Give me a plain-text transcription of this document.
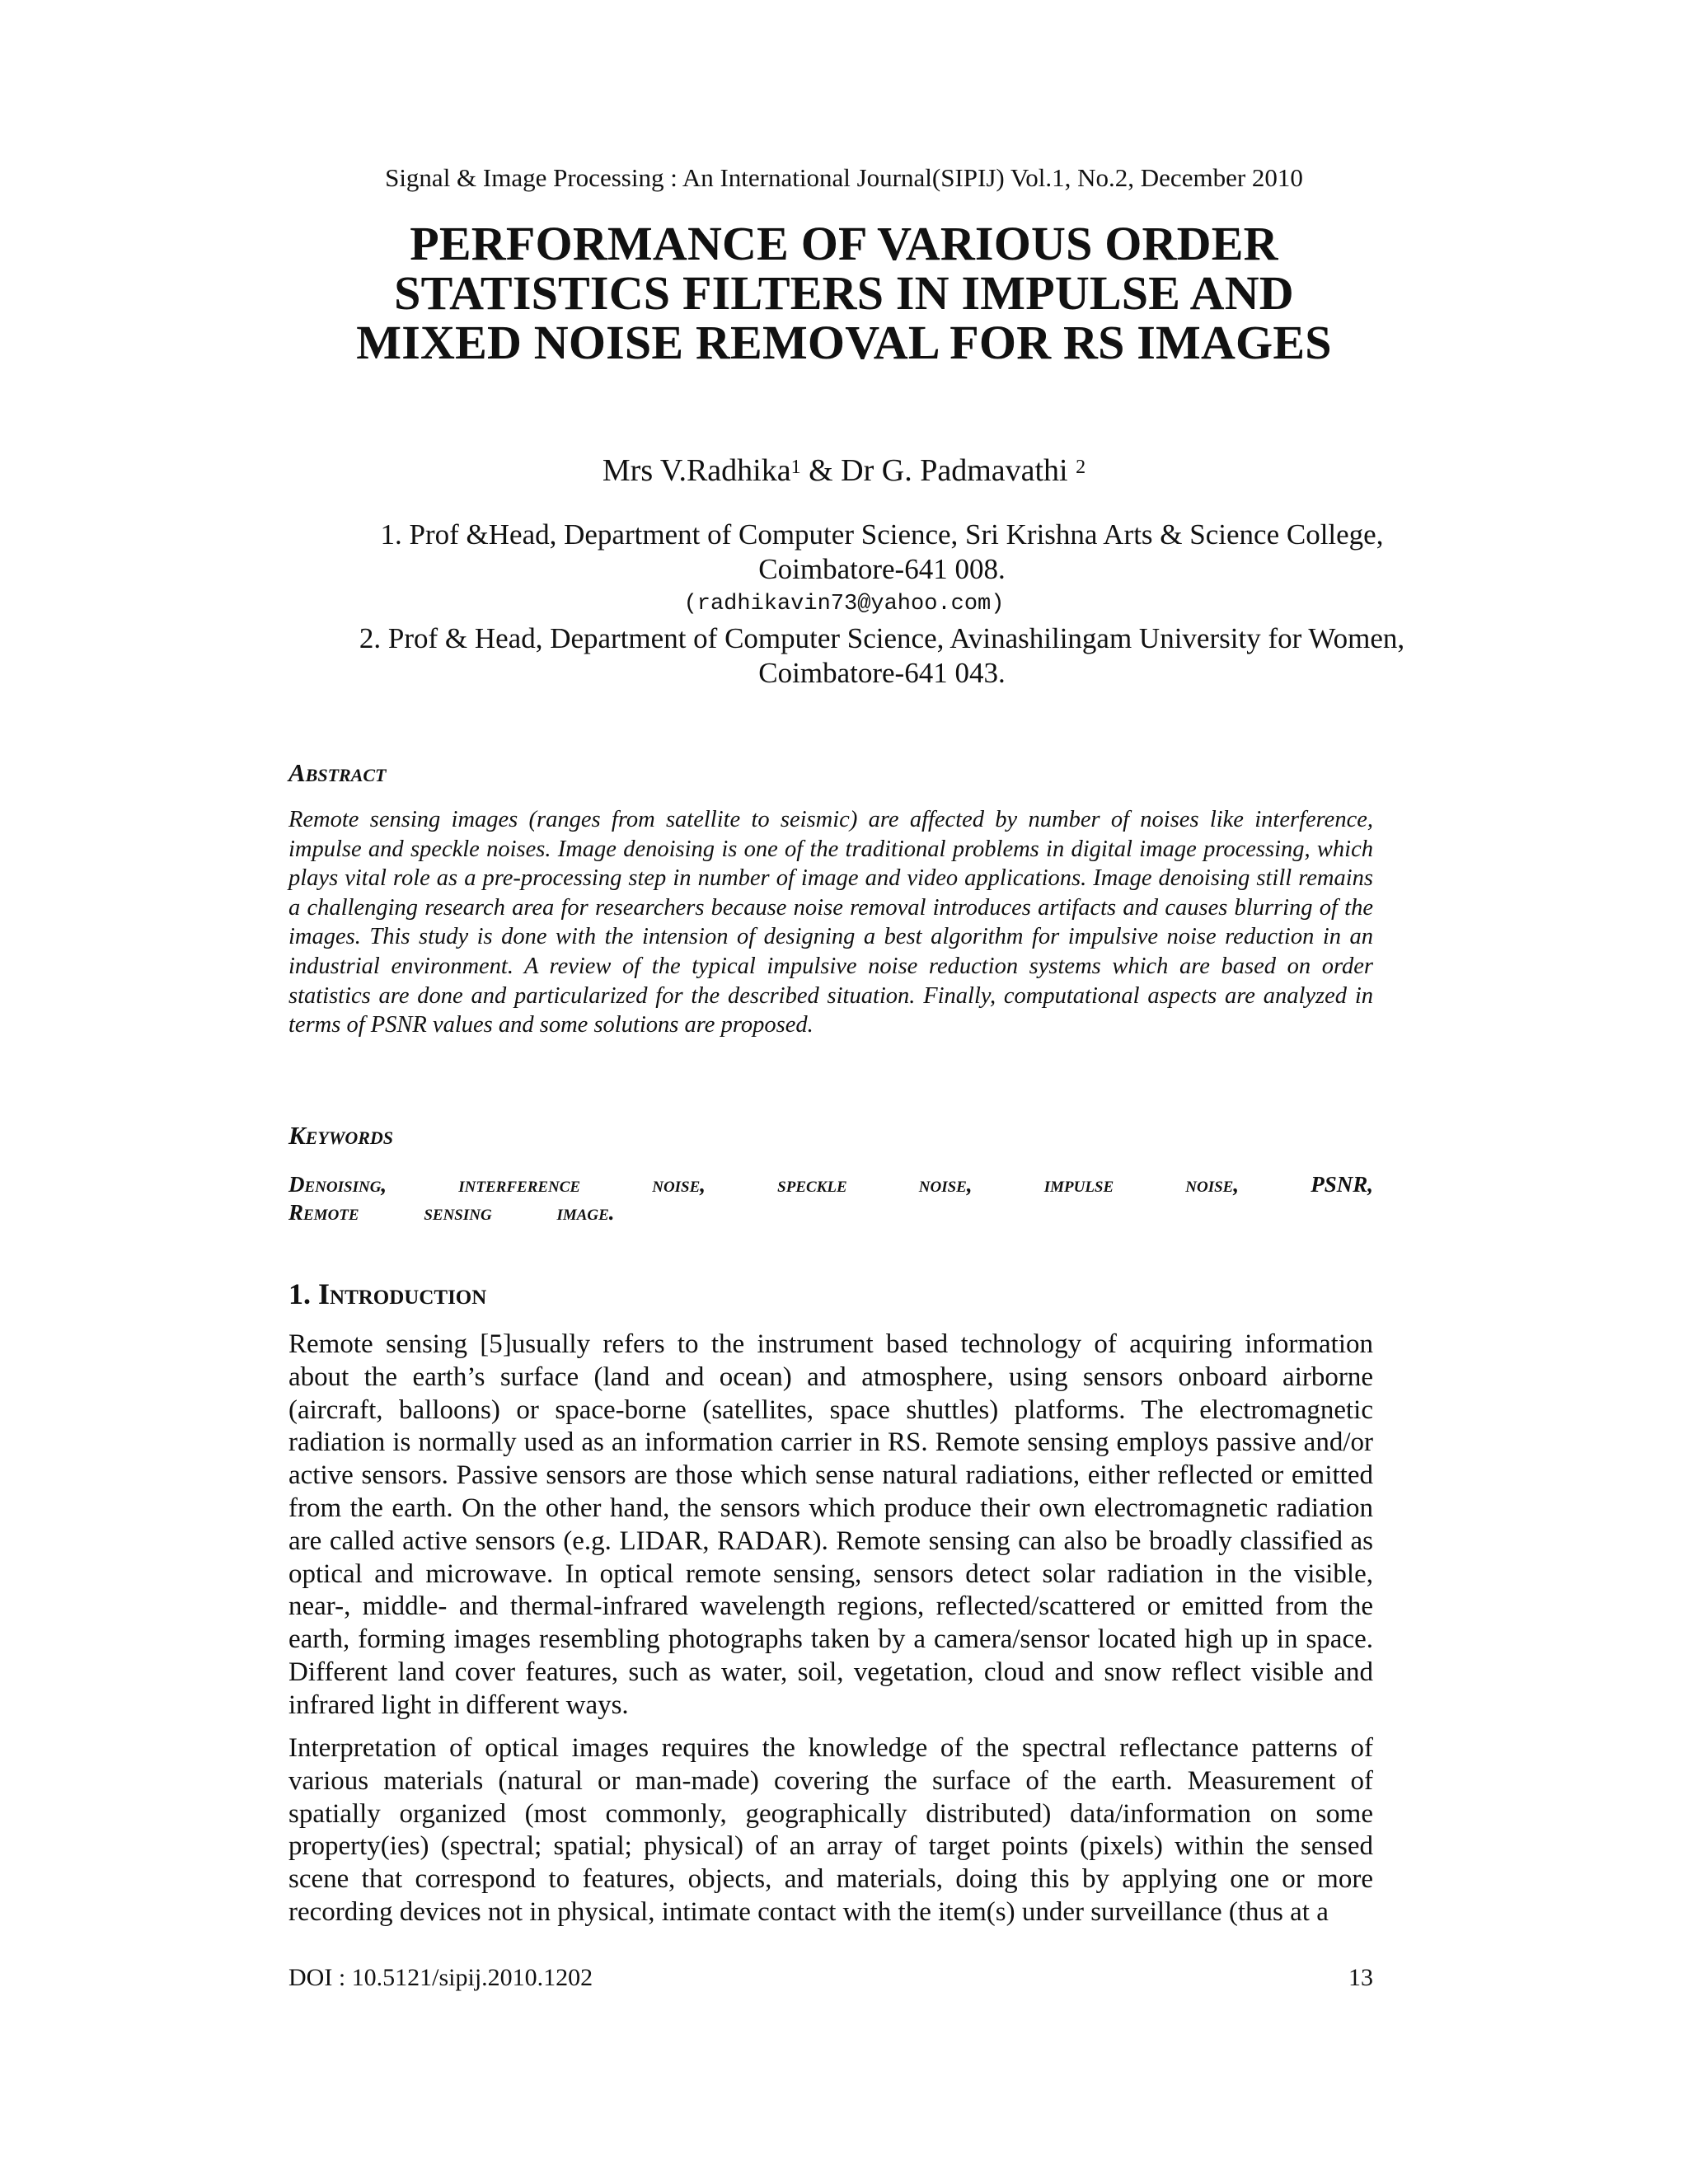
Signal & Image Processing : An International Journal(SIPIJ) Vol.1, No.2, December 2010
PERFORMANCE OF VARIOUS ORDER
STATISTICS FILTERS IN IMPULSE AND
MIXED NOISE REMOVAL FOR RS IMAGES
Mrs V.Radhika$^1$ & Dr G. Padmavathi $^2$
1. Prof &Head, Department of Computer Science, Sri Krishna Arts & Science College, Coimbatore-641 008.
(radhikavin73@yahoo.com)
2. Prof & Head, Department of Computer Science, Avinashilingam University for Women, Coimbatore-641 043.
Abstract

Remote sensing images (ranges from satellite to seismic) are affected by number of noises like interference, impulse and speckle noises. Image denoising is one of the traditional problems in digital image processing, which plays vital role as a pre-processing step in number of image and video applications. Image denoising still remains a challenging research area for researchers because noise removal introduces artifacts and causes blurring of the images. This study is done with the intension of designing a best algorithm for impulsive noise reduction in an industrial environment. A review of the typical impulsive noise reduction systems which are based on order statistics are done and particularized for the described situation. Finally, computational aspects are analyzed in terms of PSNR values and some solutions are proposed.

Keywords

Denoising, interference noise, speckle noise, impulse noise, PSNR, Remote sensing image.

1. Introduction

Remote sensing [5]usually refers to the instrument based technology of acquiring information about the earth’s surface (land and ocean) and atmosphere, using sensors onboard airborne (aircraft, balloons) or space-borne (satellites, space shuttles) platforms. The electromagnetic radiation is normally used as an information carrier in RS. Remote sensing employs passive and/or active sensors. Passive sensors are those which sense natural radiations, either reflected or emitted from the earth. On the other hand, the sensors which produce their own electromagnetic radiation are called active sensors (e.g. LIDAR, RADAR). Remote sensing can also be broadly classified as optical and microwave. In optical remote sensing, sensors detect solar radiation in the visible, near-, middle- and thermal-infrared wavelength regions, reflected/scattered or emitted from the earth, forming images resembling photographs taken by a camera/sensor located high up in space. Different land cover features, such as water, soil, vegetation, cloud and snow reflect visible and infrared light in different ways.

Interpretation of optical images requires the knowledge of the spectral reflectance patterns of various materials (natural or man-made) covering the surface of the earth. Measurement of spatially organized (most commonly, geographically distributed) data/information on some property(ies) (spectral; spatial; physical) of an array of target points (pixels) within the sensed scene that correspond to features, objects, and materials, doing this by applying one or more recording devices not in physical, intimate contact with the item(s) under surveillance (thus at a

DOI : 10.5121/sipij.2010.1202	13
